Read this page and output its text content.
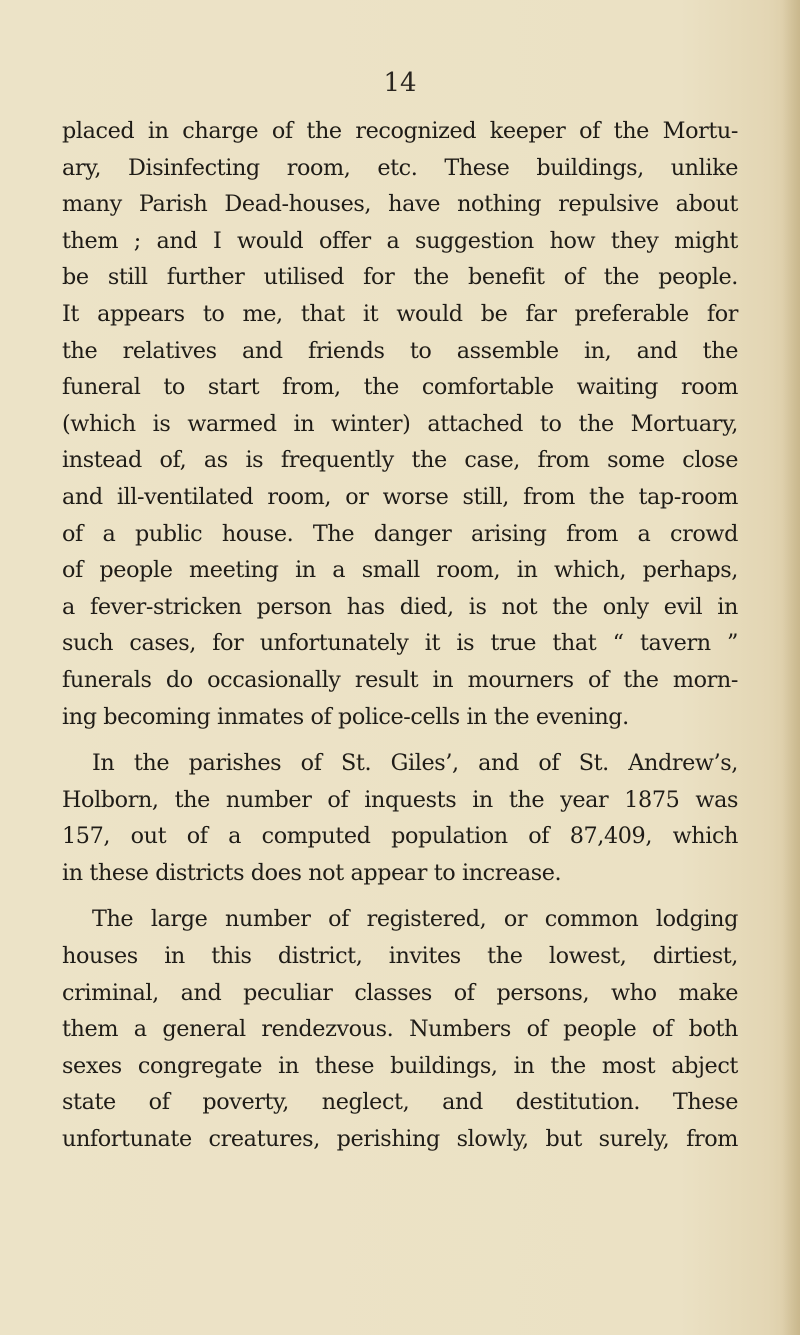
14
placed in charge of the recognized keeper of the Mortu-
ary, Disinfecting room, etc. These buildings, unlike
many Parish Dead-houses, have nothing repulsive about
them ; and I would offer a suggestion how they might
be still further utilised for the benefit of the people.
It appears to me, that it would be far preferable for
the relatives and friends to assemble in, and the
funeral to start from, the comfortable waiting room
(which is warmed in winter) attached to the Mortuary,
instead of, as is frequently the case, from some close
and ill-ventilated room, or worse still, from the tap-room
of a public house. The danger arising from a crowd
of people meeting in a small room, in which, perhaps,
a fever-stricken person has died, is not the only evil in
such cases, for unfortunately it is true that “ tavern ”
funerals do occasionally result in mourners of the morn-
ing becoming inmates of police-cells in the evening.
In the parishes of St. Giles’, and of St. Andrew’s,
Holborn, the number of inquests in the year 1875 was
157, out of a computed population of 87,409, which
in these districts does not appear to increase.
The large number of registered, or common lodging
houses in this district, invites the lowest, dirtiest,
criminal, and peculiar classes of persons, who make
them a general rendezvous. Numbers of people of both
sexes congregate in these buildings, in the most abject
state of poverty, neglect, and destitution. These
unfortunate creatures, perishing slowly, but surely, from
